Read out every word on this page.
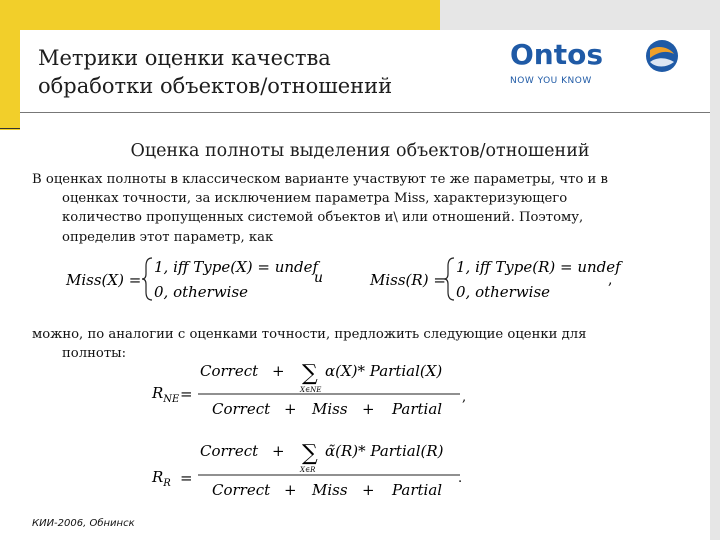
Метрики оценки качества
обработки объектов/отношений
Ontos
NOW YOU KNOW
Оценка полноты выделения объектов/отношений
В оценках полноты в классическом варианте участвуют те же параметры, что и в
оценках точности, за исключением параметра Miss, характеризующего
количество пропущенных системой объектов и\ или отношений. Поэтому,
определив этот параметр, как
Miss(X) =
1, iff Type(X) = undef
0, otherwise
u	Miss(R) =
1, iff Type(R) = undef
0, otherwise
,
можно, по аналогии с оценками точности, предложить следующие оценки для
полноты:
$R_{NE}$ =
Correct + ∑
X∈NE
α(X)* Partial(X)
Correct + Miss + Partial
,
$R_R$ =
Correct + ∑
X∈R
α̃(R)* Partial(R)
Correct + Miss + Partial
.
КИИ-2006, Обнинск
